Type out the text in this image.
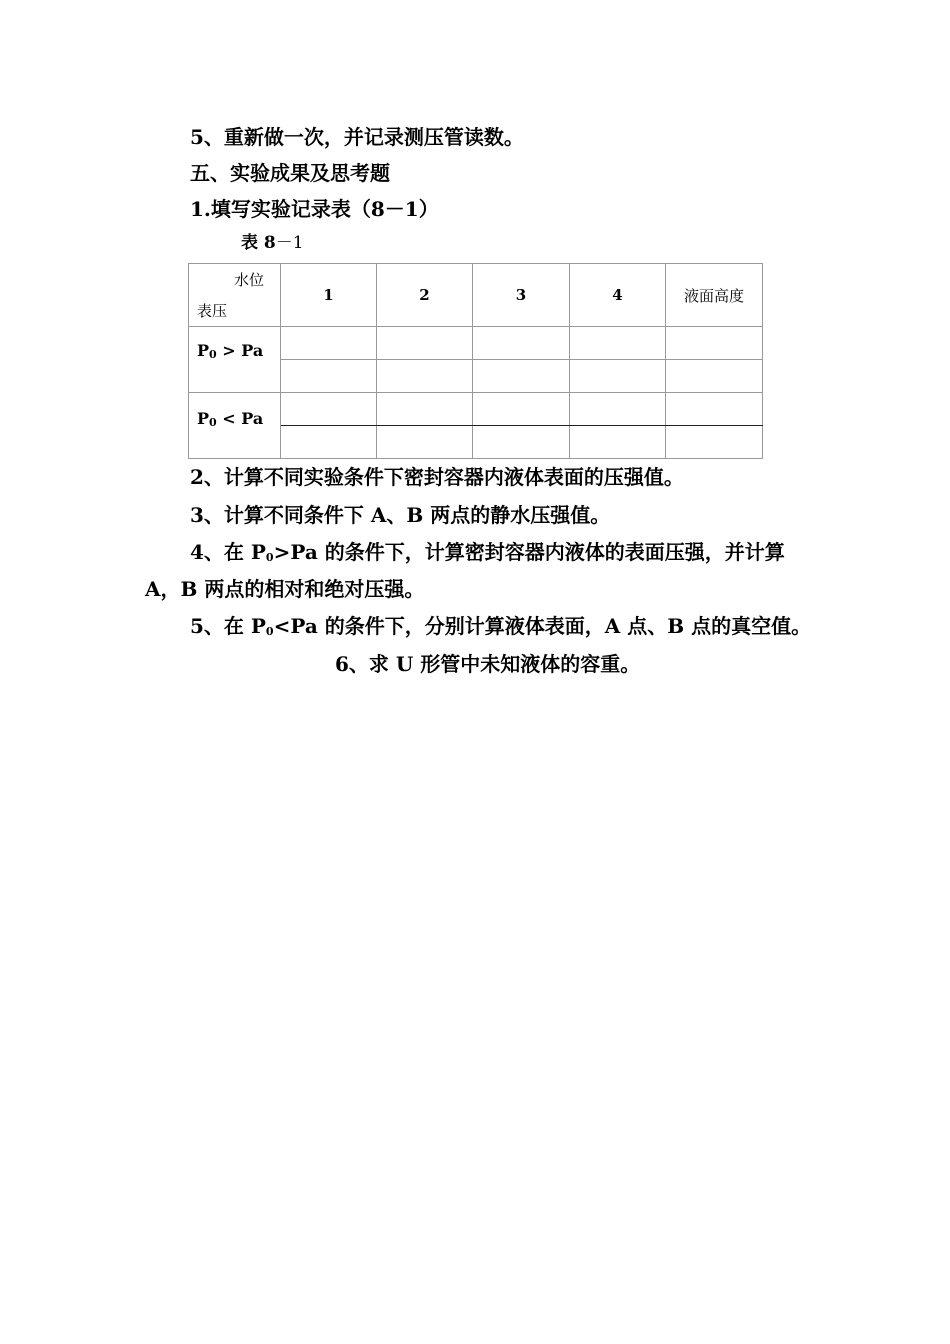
5、重新做一次，并记录测压管读数。
五、实验成果及思考题
1.填写实验记录表（8－1）
表 8－1
水位
表压	1	2	3	4	液面高度
$P_0 > Pa$					

$P_0 < Pa$					

2、计算不同实验条件下密封容器内液体表面的压强值。
3、计算不同条件下 A、B 两点的静水压强值。
4、在 $P_0>Pa$ 的条件下，计算密封容器内液体的表面压强，并计算
A，B 两点的相对和绝对压强。
5、在 $P_0<Pa$ 的条件下，分别计算液体表面，A 点、B 点的真空值。
6、求 U 形管中未知液体的容重。
